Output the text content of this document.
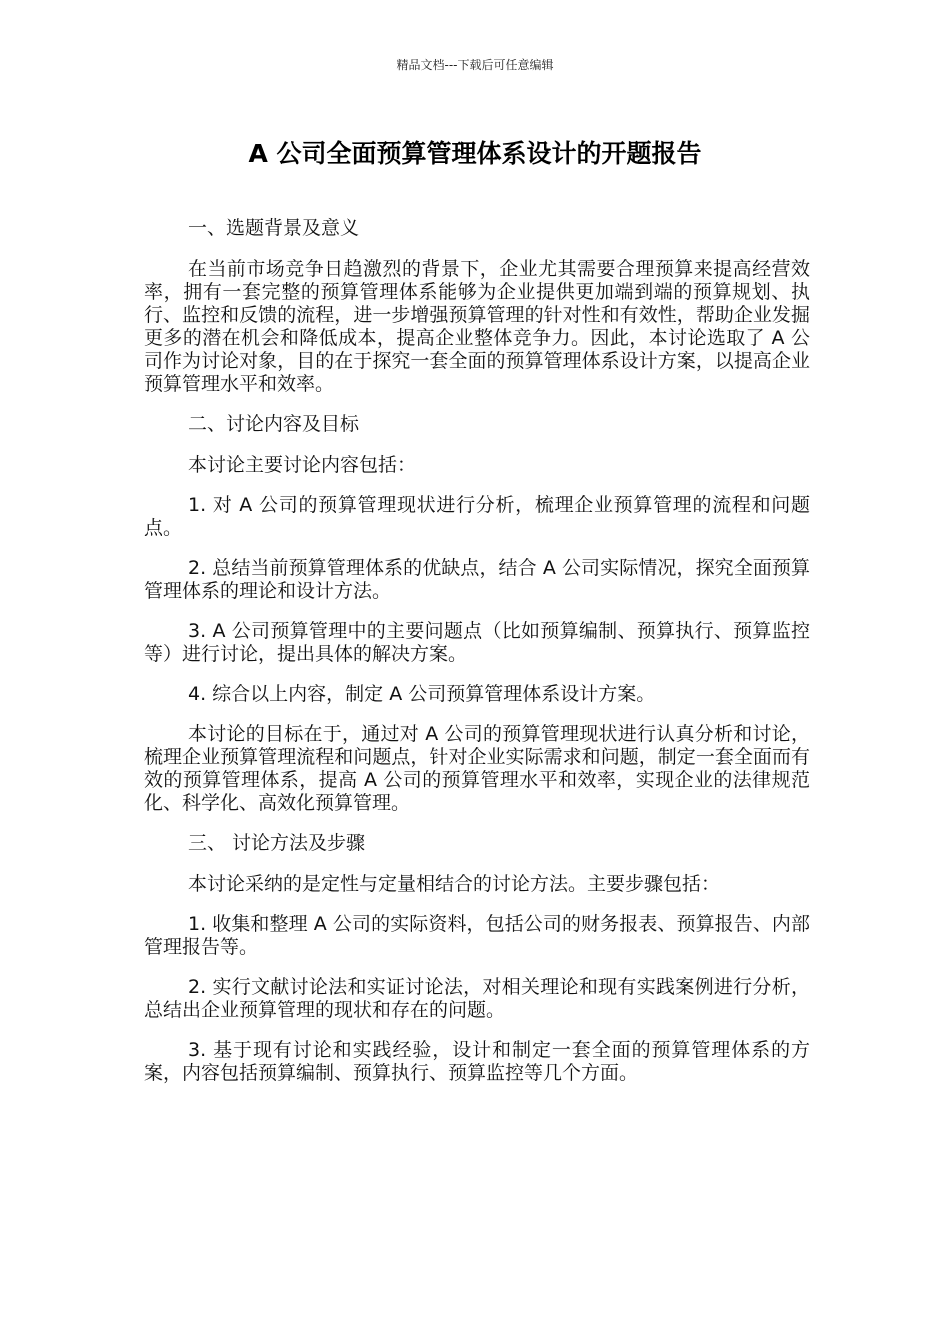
精品文档---下载后可任意编辑
A 公司全面预算管理体系设计的开题报告

一、选题背景及意义

在当前市场竞争日趋激烈的背景下，企业尤其需要合理预算来提高经营效率，拥有一套完整的预算管理体系能够为企业提供更加端到端的预算规划、执行、监控和反馈的流程，进一步增强预算管理的针对性和有效性，帮助企业发掘更多的潜在机会和降低成本，提高企业整体竞争力。因此，本讨论选取了 A 公司作为讨论对象，目的在于探究一套全面的预算管理体系设计方案，以提高企业预算管理水平和效率。

二、讨论内容及目标

本讨论主要讨论内容包括：

1. 对 A 公司的预算管理现状进行分析，梳理企业预算管理的流程和问题点。

2. 总结当前预算管理体系的优缺点，结合 A 公司实际情况，探究全面预算管理体系的理论和设计方法。

3. A 公司预算管理中的主要问题点（比如预算编制、预算执行、预算监控等）进行讨论，提出具体的解决方案。

4. 综合以上内容，制定 A 公司预算管理体系设计方案。

本讨论的目标在于，通过对 A 公司的预算管理现状进行认真分析和讨论，梳理企业预算管理流程和问题点，针对企业实际需求和问题，制定一套全面而有效的预算管理体系，提高 A 公司的预算管理水平和效率，实现企业的法律规范化、科学化、高效化预算管理。

三、 讨论方法及步骤

本讨论采纳的是定性与定量相结合的讨论方法。主要步骤包括：

1. 收集和整理 A 公司的实际资料，包括公司的财务报表、预算报告、内部管理报告等。

2. 实行文献讨论法和实证讨论法，对相关理论和现有实践案例进行分析，总结出企业预算管理的现状和存在的问题。

3. 基于现有讨论和实践经验，设计和制定一套全面的预算管理体系的方案，内容包括预算编制、预算执行、预算监控等几个方面。
